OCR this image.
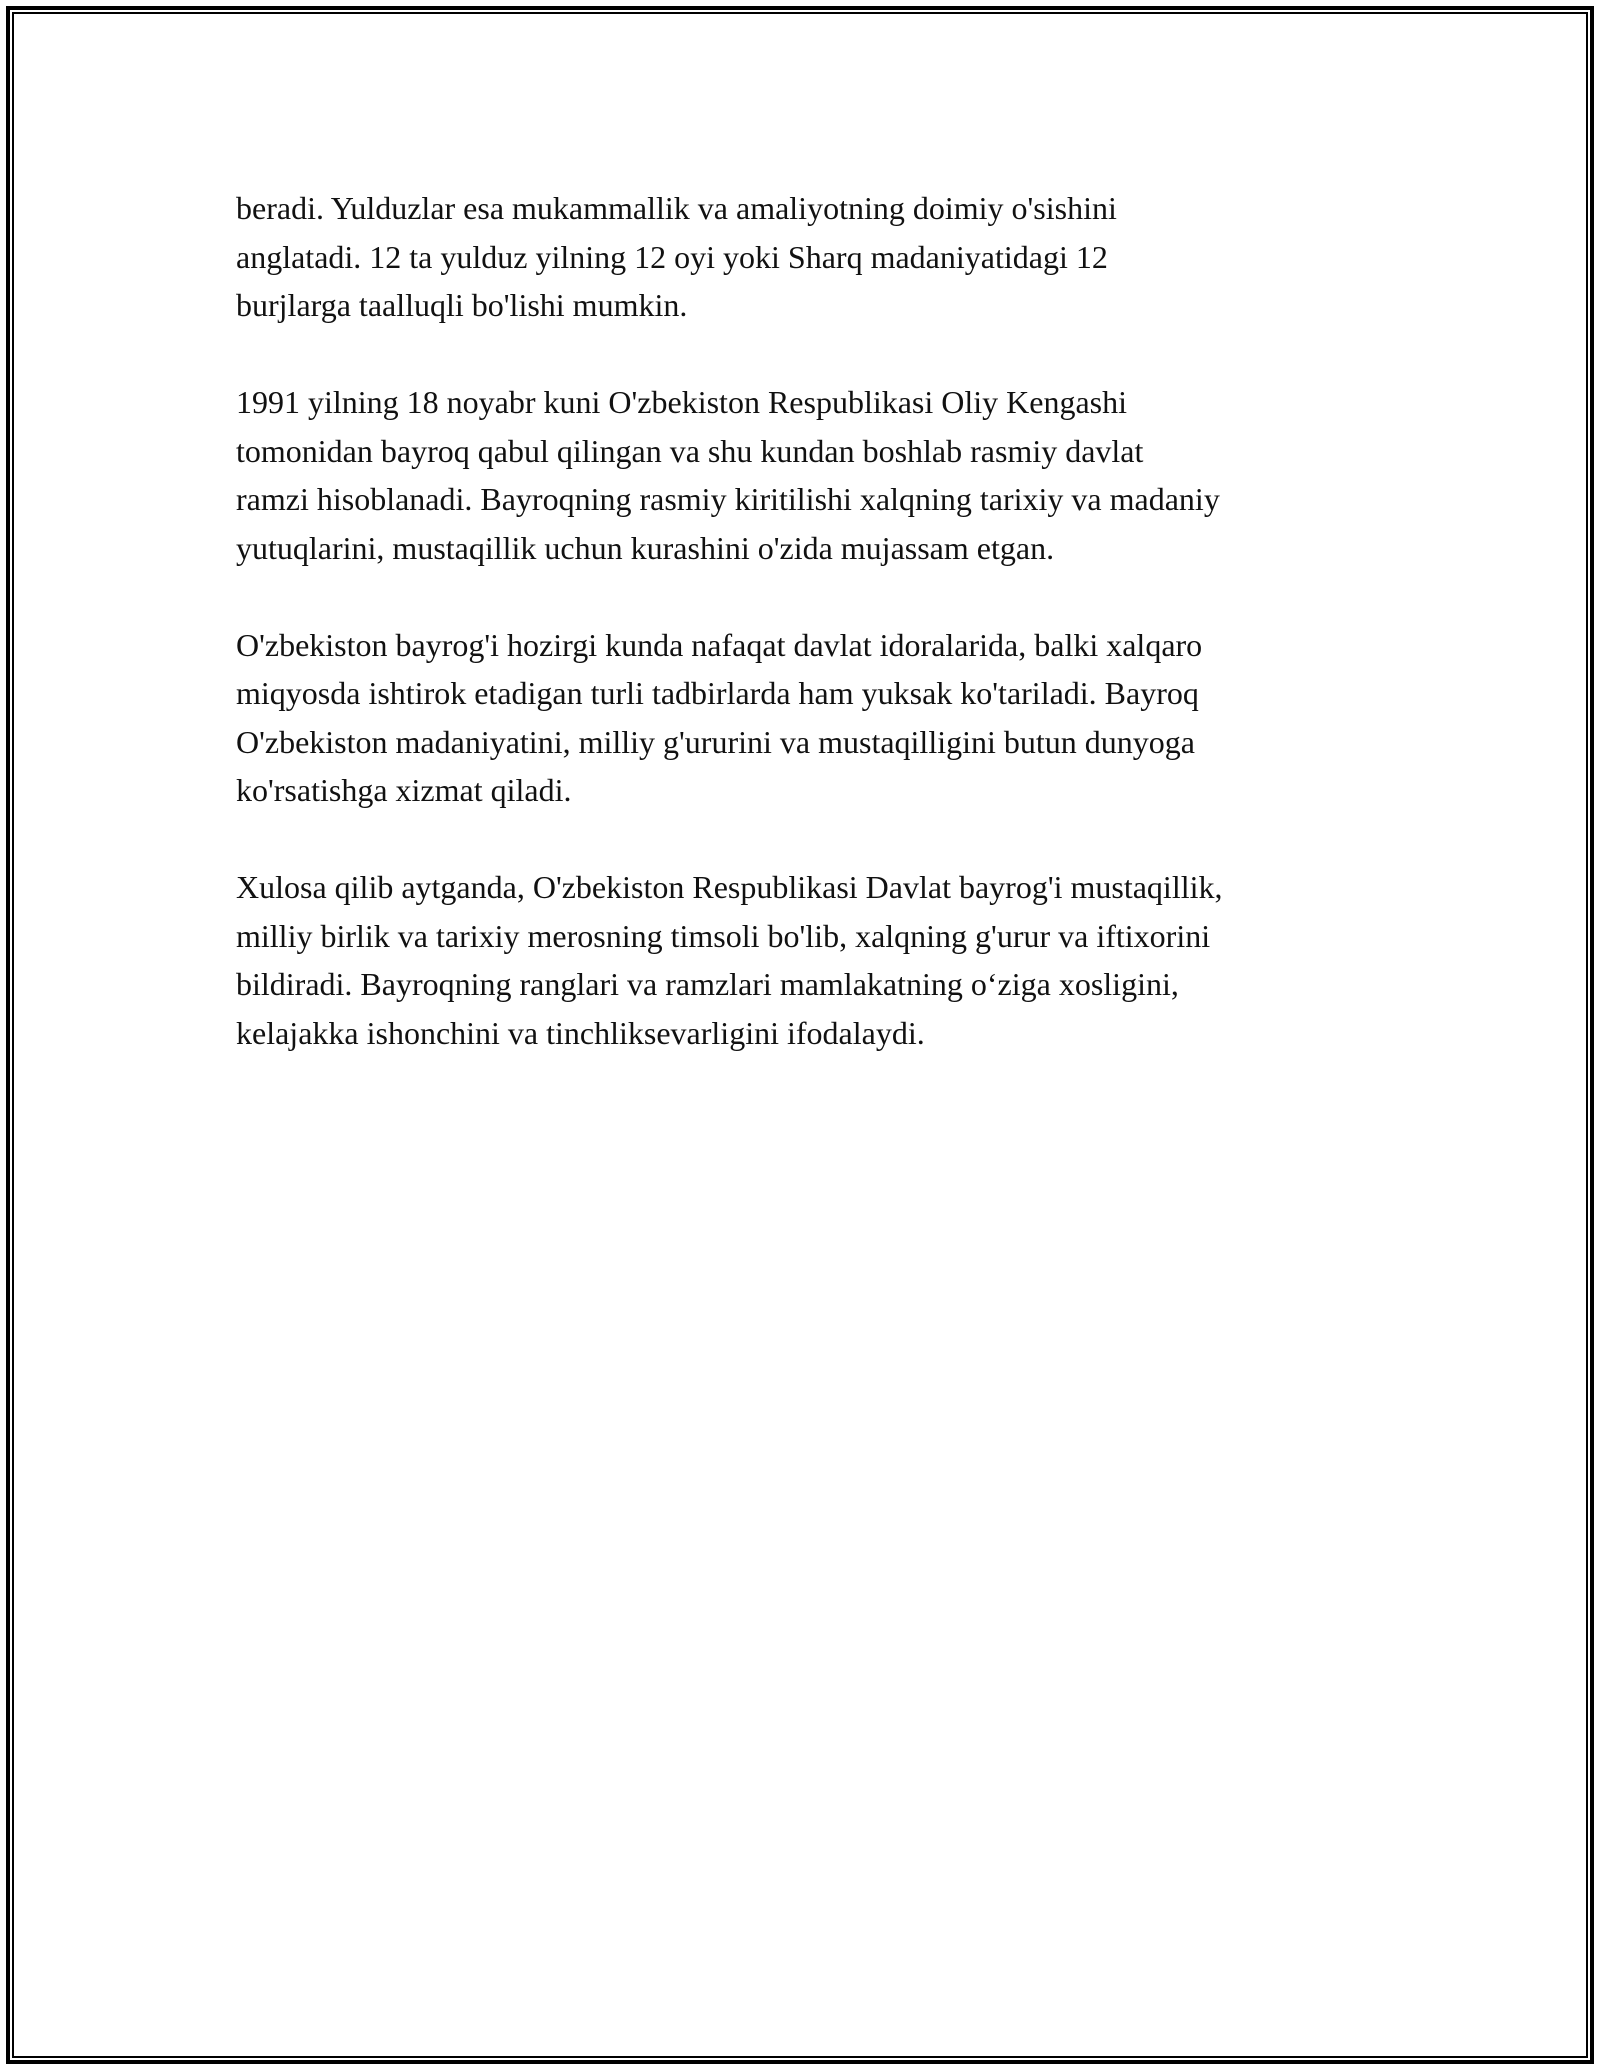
beradi. Yulduzlar esa mukammallik va amaliyotning doimiy o'sishini
anglatadi. 12 ta yulduz yilning 12 oyi yoki Sharq madaniyatidagi 12
burjlarga taalluqli bo'lishi mumkin.

1991 yilning 18 noyabr kuni O'zbekiston Respublikasi Oliy Kengashi
tomonidan bayroq qabul qilingan va shu kundan boshlab rasmiy davlat
ramzi hisoblanadi. Bayroqning rasmiy kiritilishi xalqning tarixiy va madaniy
yutuqlarini, mustaqillik uchun kurashini o'zida mujassam etgan.

O'zbekiston bayrog'i hozirgi kunda nafaqat davlat idoralarida, balki xalqaro
miqyosda ishtirok etadigan turli tadbirlarda ham yuksak ko'tariladi. Bayroq
O'zbekiston madaniyatini, milliy g'ururini va mustaqilligini butun dunyoga
ko'rsatishga xizmat qiladi.

Xulosa qilib aytganda, O'zbekiston Respublikasi Davlat bayrog'i mustaqillik,
milliy birlik va tarixiy merosning timsoli bo'lib, xalqning g'urur va iftixorini
bildiradi. Bayroqning ranglari va ramzlari mamlakatning o‘ziga xosligini,
kelajakka ishonchini va tinchliksevarligini ifodalaydi.
